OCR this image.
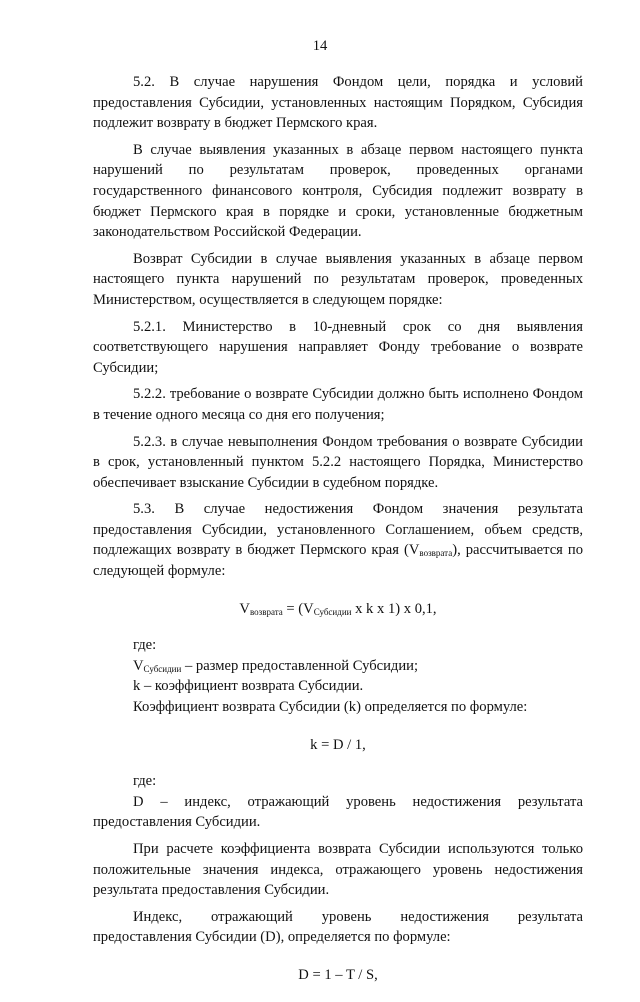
14

5.2. В случае нарушения Фондом цели, порядка и условий предоставления Субсидии, установленных настоящим Порядком, Субсидия подлежит возврату в бюджет Пермского края.

В случае выявления указанных в абзаце первом настоящего пункта нарушений по результатам проверок, проведенных органами государственного финансового контроля, Субсидия подлежит возврату в бюджет Пермского края в порядке и сроки, установленные бюджетным законодательством Российской Федерации.

Возврат Субсидии в случае выявления указанных в абзаце первом настоящего пункта нарушений по результатам проверок, проведенных Министерством, осуществляется в следующем порядке:

5.2.1. Министерство в 10-дневный срок со дня выявления соответствующего нарушения направляет Фонду требование о возврате Субсидии;

5.2.2. требование о возврате Субсидии должно быть исполнено Фондом в течение одного месяца со дня его получения;

5.2.3. в случае невыполнения Фондом требования о возврате Субсидии в срок, установленный пунктом 5.2.2 настоящего Порядка, Министерство обеспечивает взыскание Субсидии в судебном порядке.

5.3. В случае недостижения Фондом значения результата предоставления Субсидии, установленного Соглашением, объем средств, подлежащих возврату в бюджет Пермского края $(V_{возврата})$, рассчитывается по следующей формуле:

$V_{возврата} = (V_{Субсидии}$ x k x 1) x 0,1,

где:

$V_{Субсидии}$ – размер предоставленной Субсидии;

k – коэффициент возврата Субсидии.

Коэффициент возврата Субсидии (k) определяется по формуле:

k = D / 1,

где:

D – индекс, отражающий уровень недостижения результата предоставления Субсидии.

При расчете коэффициента возврата Субсидии используются только положительные значения индекса, отражающего уровень недостижения результата предоставления Субсидии.

Индекс, отражающий уровень недостижения результата предоставления Субсидии (D), определяется по формуле:

D = 1 – T / S,
